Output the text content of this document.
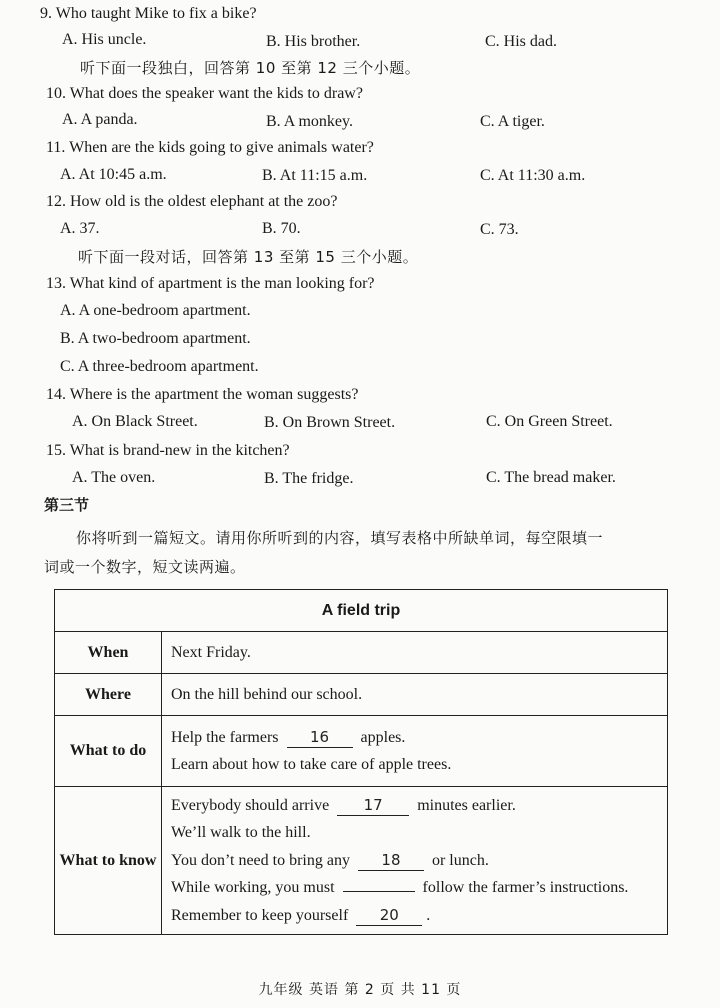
9. Who taught Mike to fix a bike?
A. His uncle.	B. His brother.	C. His dad.
听下面一段独白，回答第 10 至第 12 三个小题。
10. What does the speaker want the kids to draw?
A. A panda.	B. A monkey.	C. A tiger.
11. When are the kids going to give animals water?
A. At 10:45 a.m.	B. At 11:15 a.m.	C. At 11:30 a.m.
12. How old is the oldest elephant at the zoo?
A. 37.	B. 70.	C. 73.
听下面一段对话，回答第 13 至第 15 三个小题。
13. What kind of apartment is the man looking for?
A. A one-bedroom apartment.
B. A two-bedroom apartment.
C. A three-bedroom apartment.
14. Where is the apartment the woman suggests?
A. On Black Street.	B. On Brown Street.	C. On Green Street.
15. What is brand-new in the kitchen?
A. The oven.	B. The fridge.	C. The bread maker.
第三节
你将听到一篇短文。请用你所听到的内容，填写表格中所缺单词，每空限填一
词或一个数字，短文读两遍。
A field trip	
When	Next Friday.
Where	On the hill behind our school.
What to do	Help the farmers 16 apples.
Learn about how to take care of apple trees.

What to know	Everybody should arrive 17 minutes earlier.
We’ll walk to the hill.
You don’t need to bring any 18 or lunch.
While working, you must follow the farmer’s instructions.
Remember to keep yourself 20 .
九年级 英语 第 2 页 共 11 页
